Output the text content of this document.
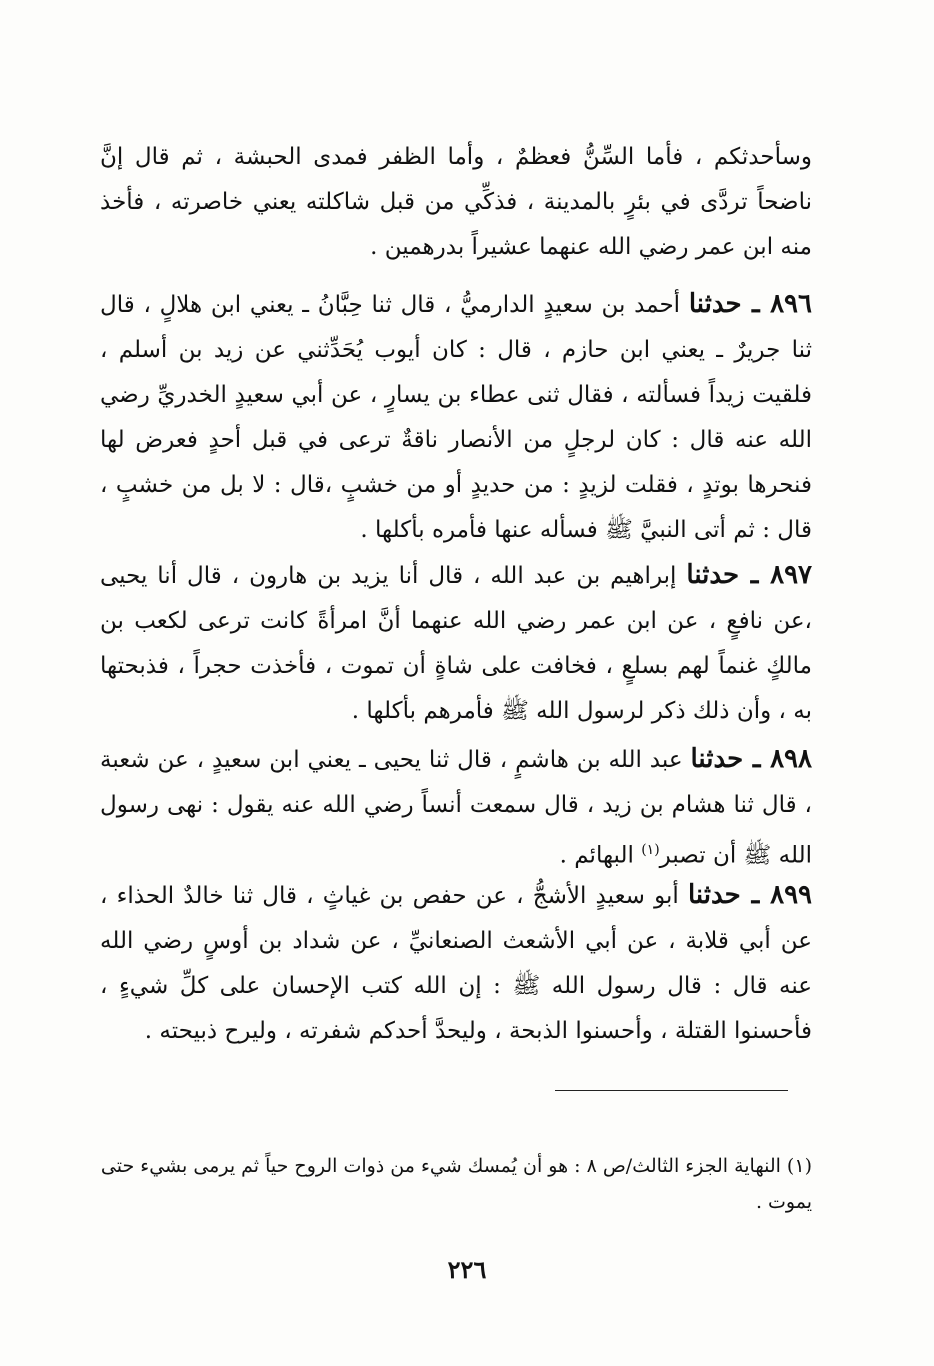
وسأحدثكم ، فأما السِّنُّ فعظمٌ ، وأما الظفر فمدى الحبشة ، ثم قال إنَّ ناضحاً تردَّى في بئرٍ بالمدينة ، فذكِّي من قبل شاكلته يعني خاصرته ، فأخذ منه ابن عمر رضي الله عنهما عشيراً بدرهمين .

٨٩٦ ـ حدثنا أحمد بن سعيدٍ الدارميُّ ، قال ثنا حِبَّانُ ـ يعني ابن هلالٍ ، قال ثنا جريرٌ ـ يعني ابن حازم ، قال : كان أيوب يُحَدِّثني عن زيد بن أسلم ، فلقيت زيداً فسألته ، فقال ثنى عطاء بن يسارٍ ، عن أبي سعيدٍ الخدريِّ رضي الله عنه قال : كان لرجلٍ من الأنصار ناقةٌ ترعى في قبل أحدٍ فعرض لها فنحرها بوتدٍ ، فقلت لزيدٍ : من حديدٍ أو من خشبٍ ،قال : لا بل من خشبٍ ، قال : ثم أتى النبيَّ ﷺ فسأله عنها فأمره بأكلها .

٨٩٧ ـ حدثنا إبراهيم بن عبد الله ، قال أنا يزيد بن هارون ، قال أنا يحيى ،عن نافعٍ ، عن ابن عمر رضي الله عنهما أنَّ امرأةً كانت ترعى لكعب بن مالكٍ غنماً لهم بسلعٍ ، فخافت على شاةٍ أن تموت ، فأخذت حجراً ، فذبحتها به ، وأن ذلك ذكر لرسول الله ﷺ فأمرهم بأكلها .

٨٩٨ ـ حدثنا عبد الله بن هاشمٍ ، قال ثنا يحيى ـ يعني ابن سعيدٍ ، عن شعبة ، قال ثنا هشام بن زيد ، قال سمعت أنساً رضي الله عنه يقول : نهى رسول الله ﷺ أن تصبر$^{(١)}$ البهائم .

٨٩٩ ـ حدثنا أبو سعيدٍ الأشجُّ ، عن حفص بن غياثٍ ، قال ثنا خالدٌ الحذاء ، عن أبي قلابة ، عن أبي الأشعث الصنعانيِّ ، عن شداد بن أوسٍ رضي الله عنه قال : قال رسول الله ﷺ : إن الله كتب الإحسان على كلِّ شيءٍ ، فأحسنوا القتلة ، وأحسنوا الذبحة ، وليحدَّ أحدكم شفرته ، وليرح ذبيحته .

(١) النهاية الجزء الثالث/ص ٨ : هو أن يُمسك شيء من ذوات الروح حياً ثم يرمى بشيء حتى يموت .

٢٢٦
